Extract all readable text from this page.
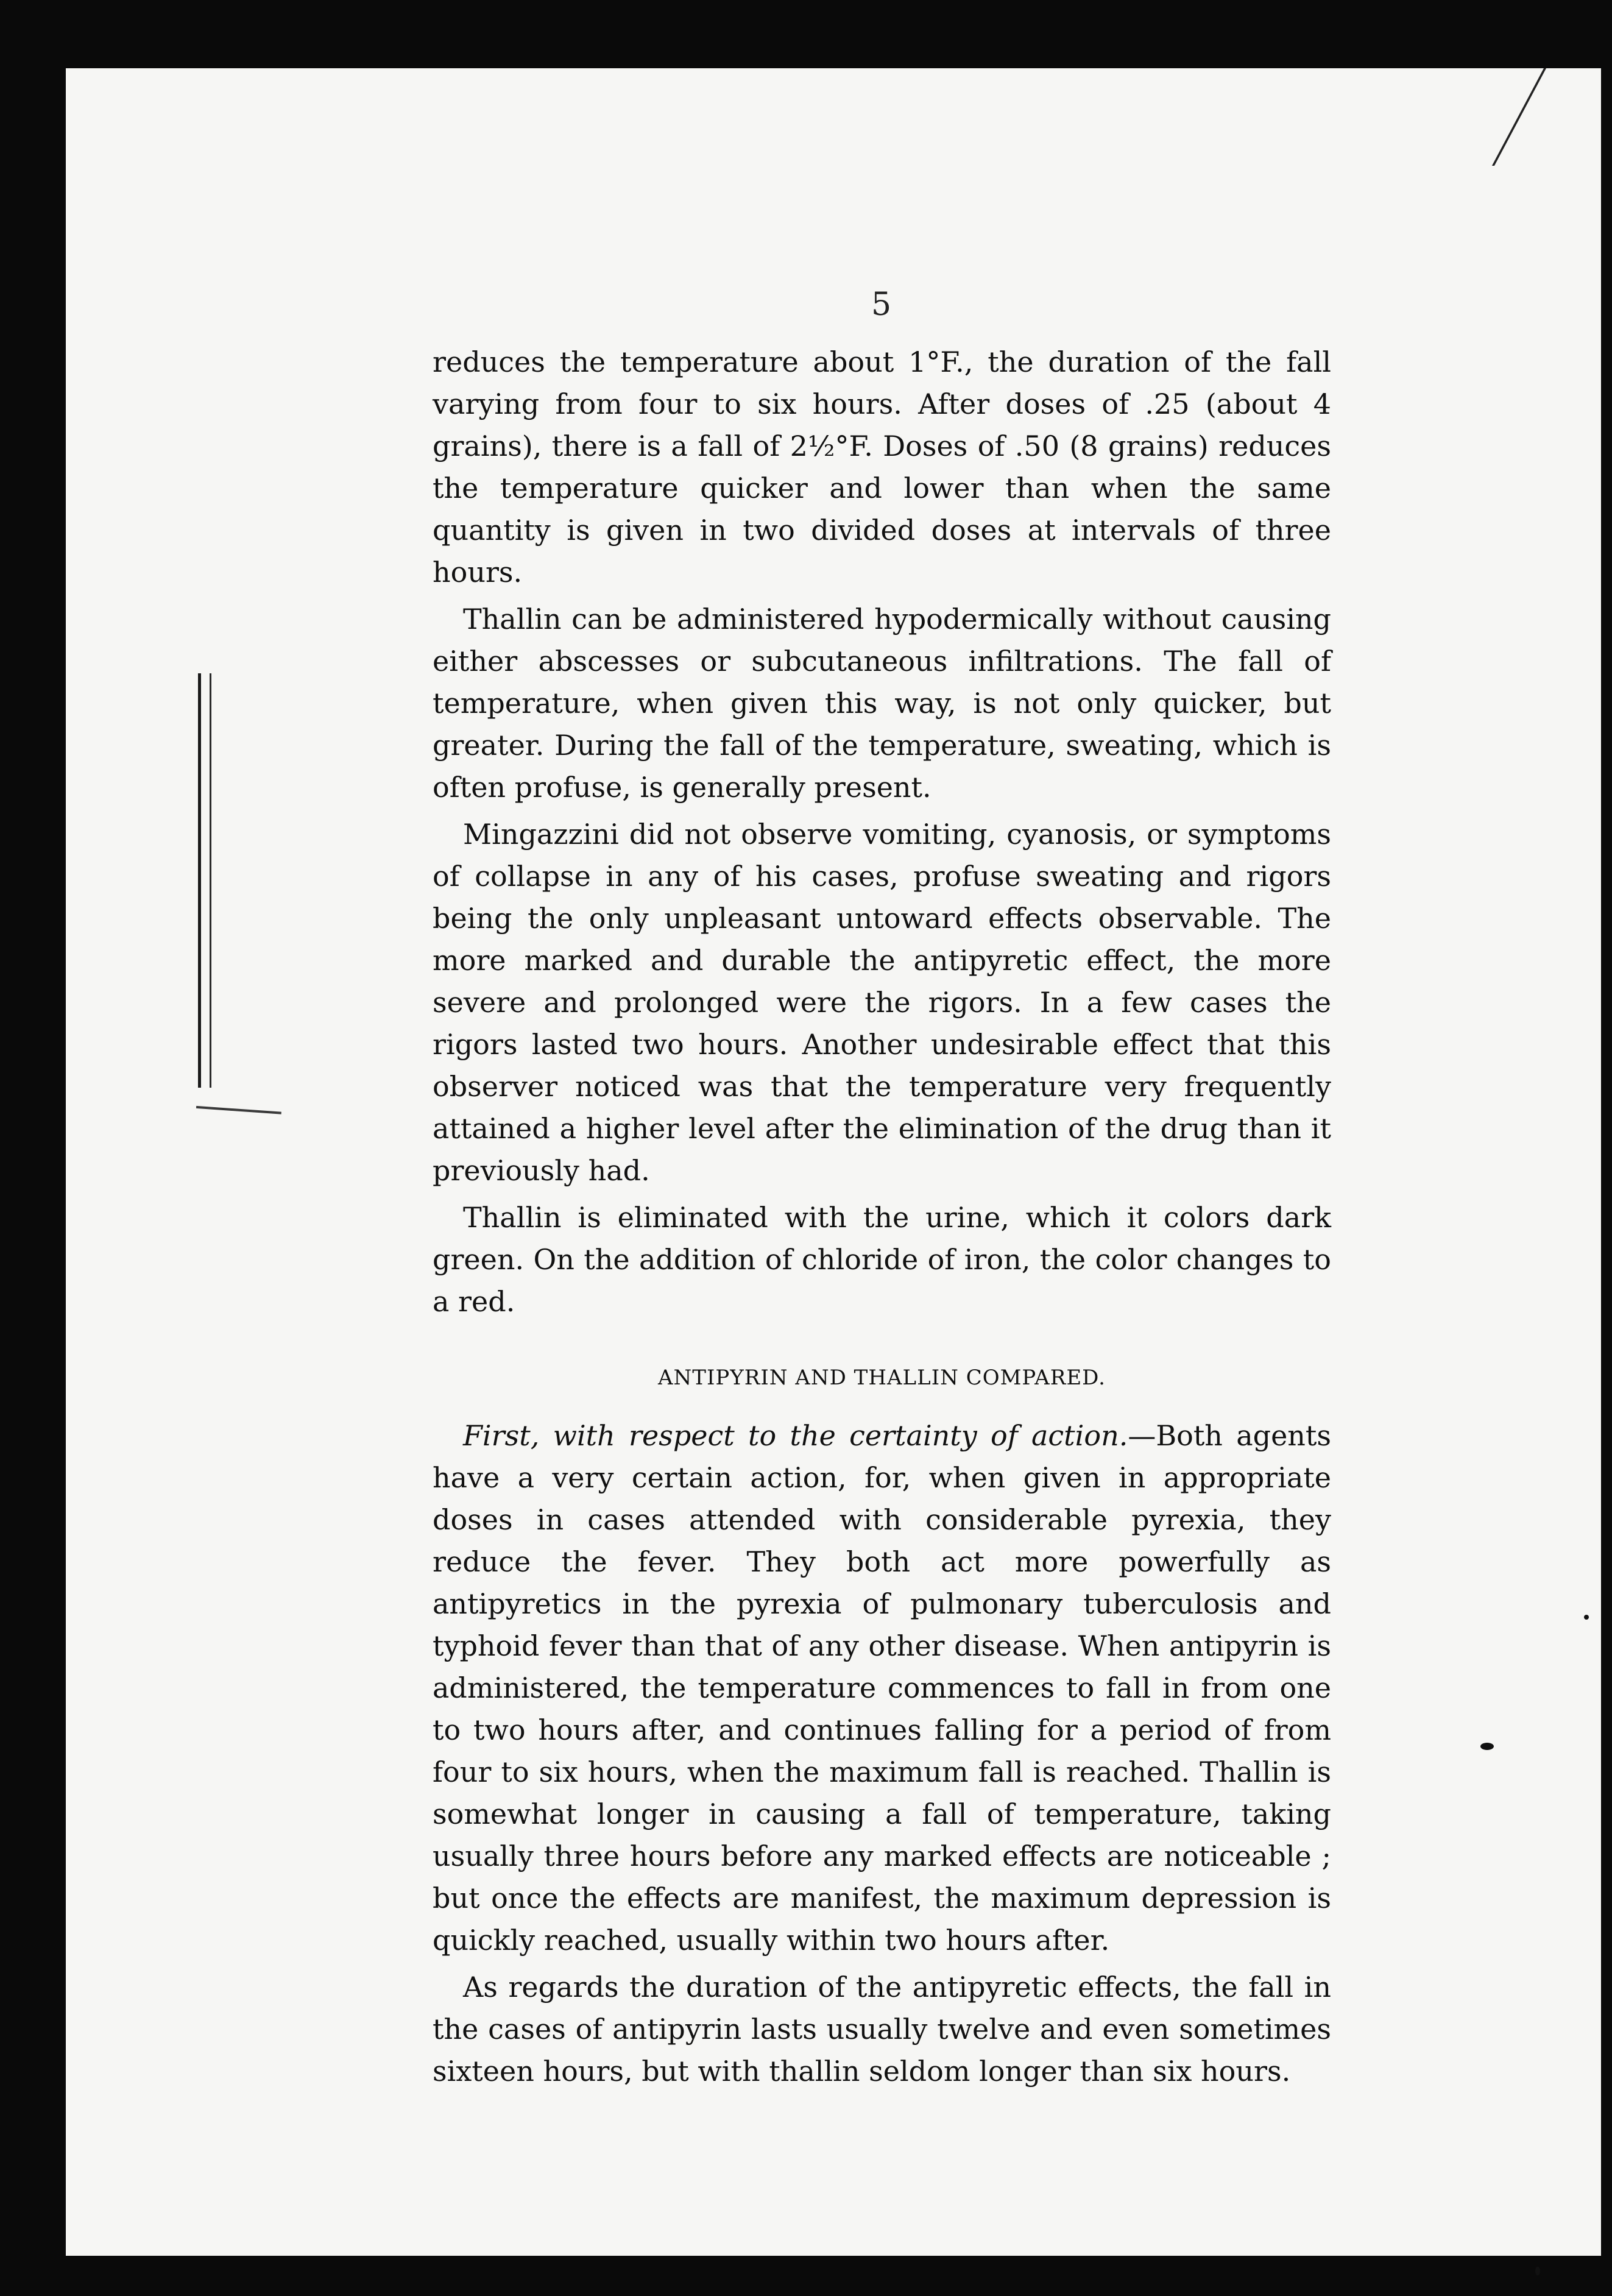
5

reduces the temperature about 1°F., the duration of the fall varying from four to six hours. After doses of .25 (about 4 grains), there is a fall of 2½°F. Doses of .50 (8 grains) reduces the temperature quicker and lower than when the same quantity is given in two divided doses at intervals of three hours.

Thallin can be administered hypodermically without causing either abscesses or subcutaneous infiltrations. The fall of temperature, when given this way, is not only quicker, but greater. During the fall of the temperature, sweating, which is often profuse, is generally present.

Mingazzini did not observe vomiting, cyanosis, or symptoms of collapse in any of his cases, profuse sweating and rigors being the only unpleasant untoward effects observable. The more marked and durable the antipyretic effect, the more severe and prolonged were the rigors. In a few cases the rigors lasted two hours. Another undesirable effect that this observer noticed was that the temperature very frequently attained a higher level after the elimination of the drug than it previously had.

Thallin is eliminated with the urine, which it colors dark green. On the addition of chloride of iron, the color changes to a red.

ANTIPYRIN AND THALLIN COMPARED.

First, with respect to the certainty of action.—Both agents have a very certain action, for, when given in appropriate doses in cases attended with considerable pyrexia, they reduce the fever. They both act more powerfully as antipyretics in the pyrexia of pulmonary tuberculosis and typhoid fever than that of any other disease. When antipyrin is administered, the temperature commences to fall in from one to two hours after, and continues falling for a period of from four to six hours, when the maximum fall is reached. Thallin is somewhat longer in causing a fall of temperature, taking usually three hours before any marked effects are noticeable ; but once the effects are manifest, the maximum depression is quickly reached, usually within two hours after.

As regards the duration of the antipyretic effects, the fall in the cases of antipyrin lasts usually twelve and even sometimes sixteen hours, but with thallin seldom longer than six hours.
